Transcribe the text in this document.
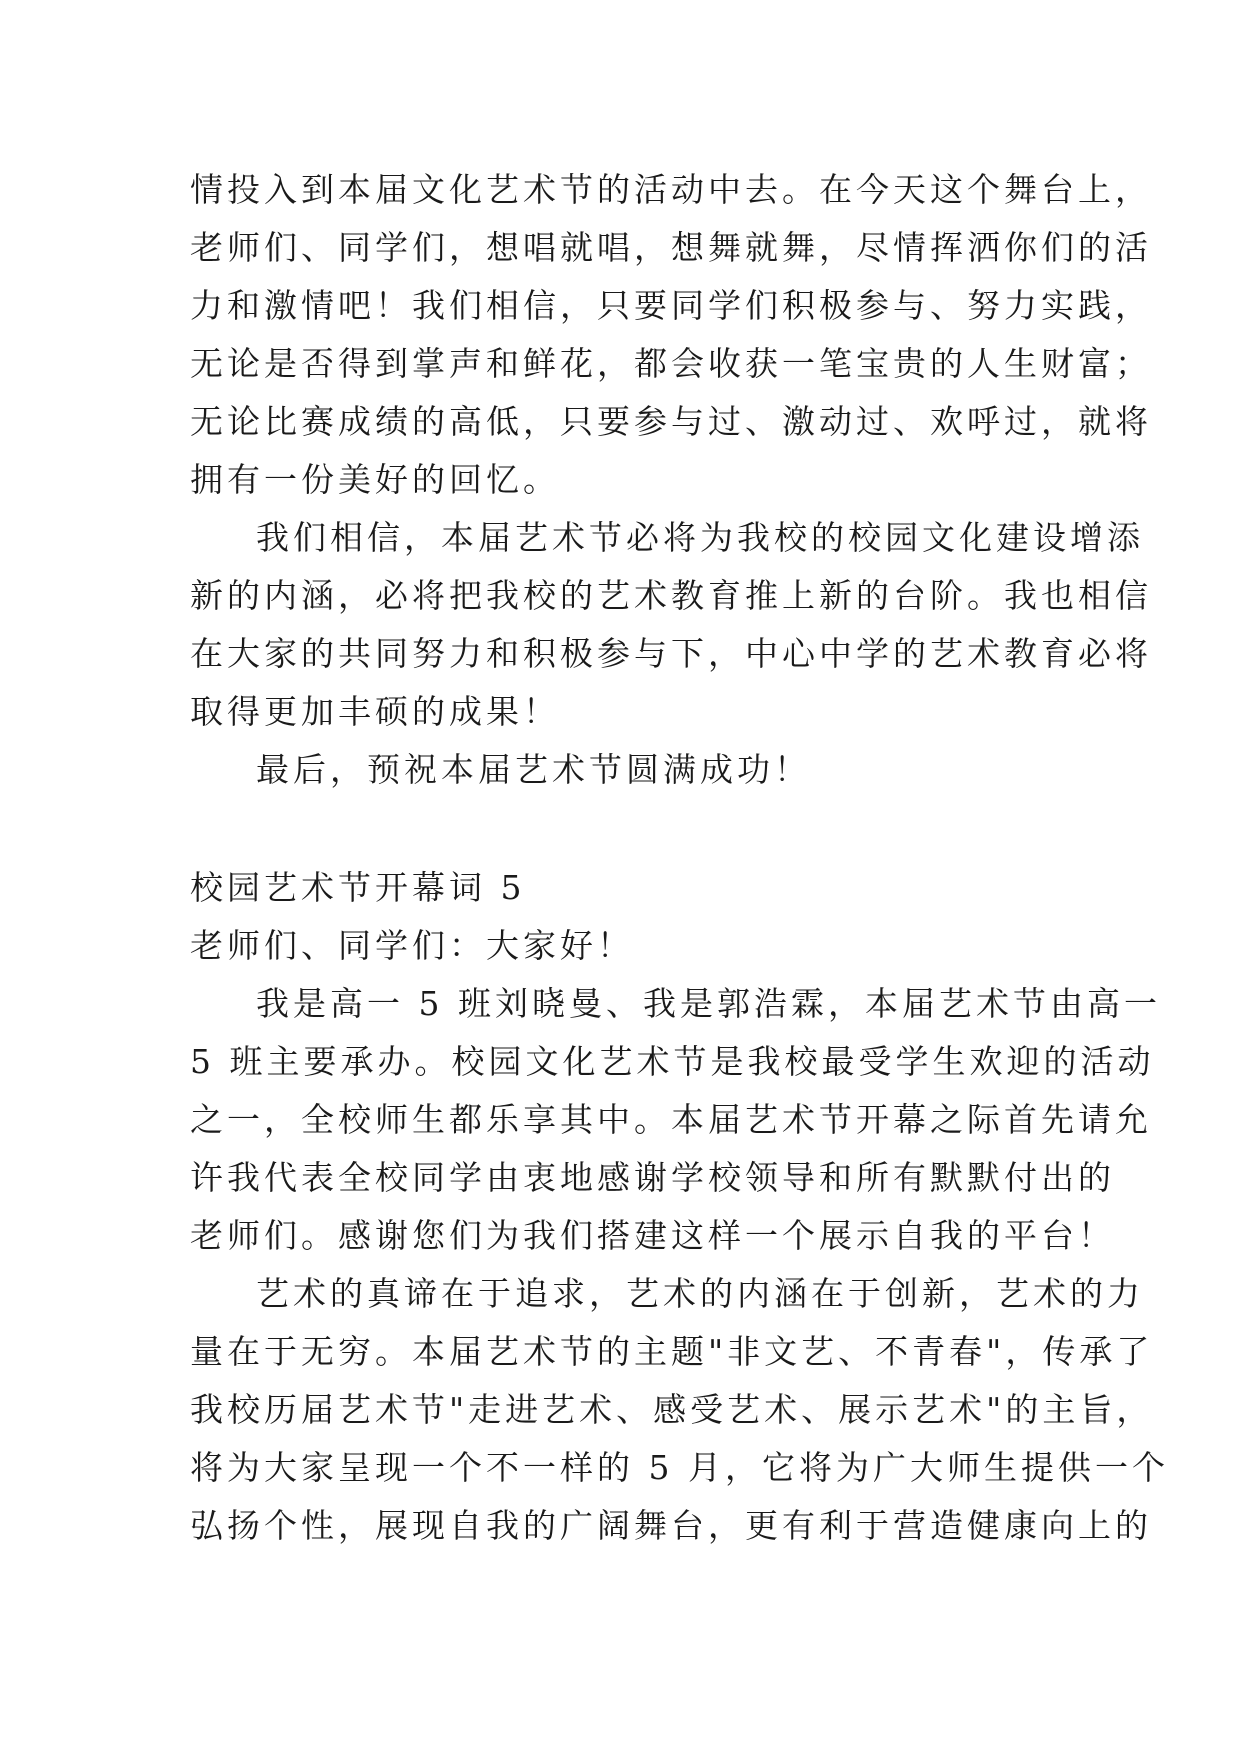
情投入到本届文化艺术节的活动中去。在今天这个舞台上，
老师们、同学们，想唱就唱，想舞就舞，尽情挥洒你们的活
力和激情吧！我们相信，只要同学们积极参与、努力实践，
无论是否得到掌声和鲜花，都会收获一笔宝贵的人生财富；
无论比赛成绩的高低，只要参与过、激动过、欢呼过，就将
拥有一份美好的回忆。
我们相信，本届艺术节必将为我校的校园文化建设增添
新的内涵，必将把我校的艺术教育推上新的台阶。我也相信
在大家的共同努力和积极参与下，中心中学的艺术教育必将
取得更加丰硕的成果！
最后，预祝本届艺术节圆满成功！
校园艺术节开幕词 5
老师们、同学们：大家好！
我是高一 5 班刘晓曼、我是郭浩霖，本届艺术节由高一
5 班主要承办。校园文化艺术节是我校最受学生欢迎的活动
之一，全校师生都乐享其中。本届艺术节开幕之际首先请允
许我代表全校同学由衷地感谢学校领导和所有默默付出的
老师们。感谢您们为我们搭建这样一个展示自我的平台！
艺术的真谛在于追求，艺术的内涵在于创新，艺术的力
量在于无穷。本届艺术节的主题"非文艺、不青春"，传承了
我校历届艺术节"走进艺术、感受艺术、展示艺术"的主旨，
将为大家呈现一个不一样的 5 月，它将为广大师生提供一个
弘扬个性，展现自我的广阔舞台，更有利于营造健康向上的
